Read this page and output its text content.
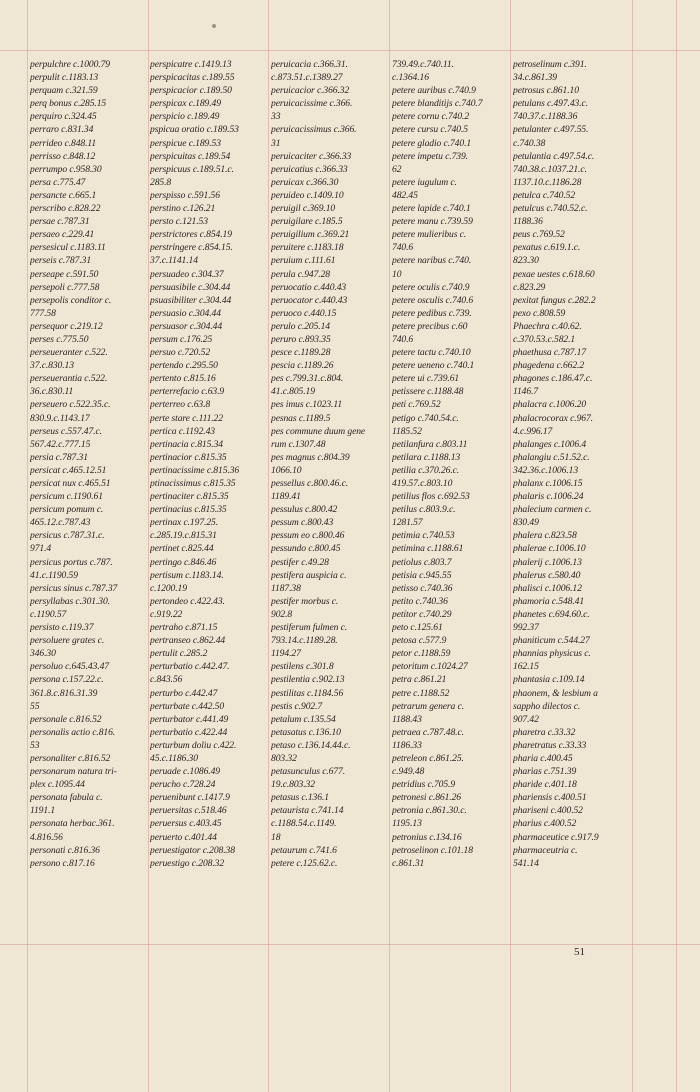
perpulchre c.1000.79
perpulit c.1183.13
perquam c.321.59
perq bonus c.285.15
perquiro c.324.45
perraro c.831.34
perrideo c.848.11
perrisso c.848.12
perrumpo c.958.30
persa c.775.47
persancte c.665.1
perscribo c.828.22
persae c.787.31
persaeo c.229.41
persesicul c.1183.11
perseis c.787.31
perseape c.591.50
persepoli c.777.58
persepolis conditor c.
777.58
persequor c.219.12
perses c.775.50
perseueranter c.522.
37.c.830.13
perseuerantia c.522.
36.c.830.11
perseuero c.522.35.c.
830.9.c.1143.17
perseus c.557.47.c.
567.42.c.777.15
persia c.787.31
persicat c.465.12.51
persicat nux c.465.51
persicum c.1190.61
persicum pomum c.
465.12.c.787.43
persicus c.787.31.c.
971.4
persicus portus c.787.
41.c.1190.59
persicus sinus c.787.37
persyllabas c.301.30.
c.1190.57
persisto c.119.37
persoluere grates c.
346.30
persoluo c.645.43.47
persona c.157.22.c.
361.8.c.816.31.39
55
personale c.816.52
personalis actio c.816.
53
personaliter c.816.52
personarum natura tri-
plex c.1095.44
personata fabula c.
1191.1
personata herbac.361.
4.816.56
personati c.816.36
persono c.817.16
perspicatre c.1419.13
perspicacitas c.189.55
perspicacior c.189.50
perspicax c.189.49
perspicio c.189.49
pspicua oratio c.189.53
perspicue c.189.53
perspicuitas c.189.54
perspicuus c.189.51.c.
285.8
perspisso c.591.56
perstino c.126.21
persto c.121.53
perstrictores c.854.19
perstringere c.854.15.
37.c.1141.14
persuadeo c.304.37
persuasibile c.304.44
psuasibiliter c.304.44
persuasio c.304.44
persuasor c.304.44
persum c.176.25
persuo c.720.52
pertendo c.295.50
pertento c.815.16
perterrefacio c.63.9
perterreo c.63.8
perte stare c.111.22
pertica c.1192.43
pertinacia c.815.34
pertinacior c.815.35
pertinacissime c.815.36
ptinacissimus c.815.35
pertinaciter c.815.35
pertinacius c.815.35
pertinax c.197.25.
c.285.19.c.815.31
pertinet c.825.44
pertingo c.846.46
pertisum c.1183.14.
c.1200.19
pertondeo c.422.43.
c.919.22
pertraho c.871.15
pertranseo c.862.44
pertulit c.285.2
perturbatio c.442.47.
c.843.56
perturbo c.442.47
perturbate c.442.50
perturbator c.441.49
perturbatio c.422.44
perturbum doliu c.422.
45.c.1186.30
peruade c.1086.49
perucho c.728.24
peruenibunt c.1417.9
peruersitas c.518.46
peruersus c.403.45
peruerto c.401.44
peruestigator c.208.38
peruestigo c.208.32
peruicacia c.366.31.
c.873.51.c.1389.27
peruicacior c.366.32
peruicacissime c.366.
33
peruicacissimus c.366.
31
peruicaciter c.366.33
peruicatius c.366.33
peruicax c.366.30
peruideo c.1409.10
peruigil c.369.10
peruigilare c.185.5
peruigilium c.369.21
peruitere c.1183.18
peruium c.111.61
perula c.947.28
peruocatio c.440.43
peruocator c.440.43
peruoco c.440.15
perulo c.205.14
peruro c.893.35
pesce c.1189.28
pescia c.1189.26
pes c.799.31.c.804.
41.c.805.19
pes imus c.1023.11
pesnas c.1189.5
pes commune duum gene
rum c.1307.48
pes magnus c.804.39
1066.10
pessellus c.800.46.c.
1189.41
pessulus c.800.42
pessum c.800.43
pessum eo c.800.46
pessundo c.800.45
pestifer c.49.28
pestifera auspicia c.
1187.38
pestifer morbus c.
902.8
pestiferum fulmen c.
793.14.c.1189.28.
1194.27
pestilens c.301.8
pestilentia c.902.13
pestilitas c.1184.56
pestis c.902.7
petalum c.135.54
petasatus c.136.10
petaso c.136.14.44.c.
803.32
petasunculus c.677.
19.c.803.32
petasus c.136.1
petaurista c.741.14
c.1188.54.c.1149.
18
petaurum c.741.6
petere c.125.62.c.
739.49.c.740.11.
c.1364.16
petere auribus c.740.9
petere blanditijs c.740.7
petere cornu c.740.2
petere cursu c.740.5
petere gladio c.740.1
petere impetu c.739.
62
petere iugulum c.
482.45
petere lapide c.740.1
petere manu c.739.59
petere mulieribus c.
740.6
petere naribus c.740.
10
petere oculis c.740.9
petere osculis c.740.6
petere pedibus c.739.
petere precibus c.60
740.6
petere tactu c.740.10
petere ueneno c.740.1
petere ui c.739.61
petissere c.1188.48
peti c.769.52
petigo c.740.54.c.
1185.52
petilanfura c.803.11
petilara c.1188.13
petilia c.370.26.c.
419.57.c.803.10
petilius flos c.692.53
petilus c.803.9.c.
1281.57
petimia c.740.53
petimina c.1188.61
petiolus c.803.7
petisia c.945.55
petisso c.740.36
petito c.740.36
petitor c.740.29
peto c.125.61
petosa c.577.9
petor c.1188.59
petoritum c.1024.27
petra c.861.21
petre c.1188.52
petrarum genera c.
1188.43
petraea c.787.48.c.
1186.33
petreleon c.861.25.
c.949.48
petridius c.705.9
petronesi c.861.26
petronia c.861.30.c.
1195.13
petronius c.134.16
petroselinon c.101.18
c.861.31
petroselinum c.391.
34.c.861.39
petrosus c.861.10
petulans c.497.43.c.
740.37.c.1188.36
petulanter c.497.55.
c.740.38
petulantia c.497.54.c.
740.38.c.1037.21.c.
1137.10.c.1186.28
petulca c.740.52
petulcus c.740.52.c.
1188.36
peus c.769.52
pexatus c.619.1.c.
823.30
pexae uestes c.618.60
c.823.29
pexitat fungus c.282.2
pexo c.808.59
Phaechra c.40.62.
c.370.53.c.582.1
phaethusa c.787.17
phagedena c.662.2
phagones c.186.47.c.
1146.7
phalacra c.1006.20
phalacrocorax c.967.
4.c.996.17
phalanges c.1006.4
phalangiu c.51.52.c.
342.36.c.1006.13
phalanx c.1006.15
phalaris c.1006.24
phalecium carmen c.
830.49
phalera c.823.58
phalerae c.1006.10
phalerij c.1006.13
phalerus c.580.40
phalisci c.1006.12
phamoria c.548.41
phanetes c.694.60.c.
992.37
phaniticum c.544.27
phannias physicus c.
162.15
phantasia c.109.14
phaonem, & lesbium a
sappho dilectos c.
907.42
pharetra c.33.32
pharetratus c.33.33
pharia c.400.45
pharias c.751.39
pharide c.401.18
phariensis c.400.51
phariseni c.400.52
pharius c.400.52
pharmaceutice c.917.9
pharmaceutria c.
541.14
51
